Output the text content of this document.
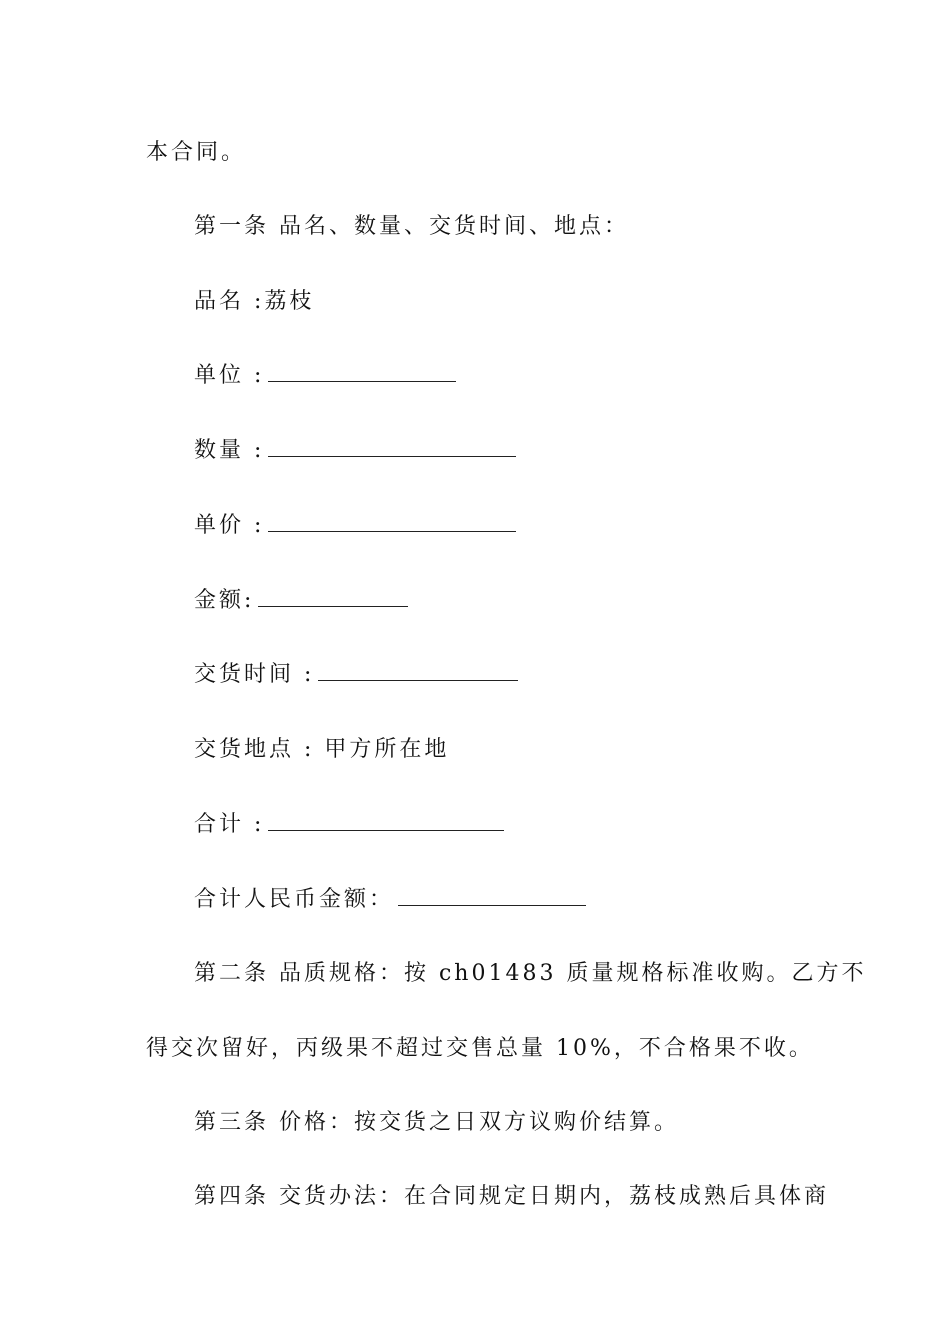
本合同。
第一条 品名、数量、交货时间、地点：
品名 :荔枝
单位 :
数量 :
单价 :
金额:
交货时间 :
交货地点 : 甲方所在地
合计 :
合计人民币金额：
第二条 品质规格：按 ch01483 质量规格标准收购。乙方不
得交次留好，丙级果不超过交售总量 10%，不合格果不收。
第三条 价格：按交货之日双方议购价结算。
第四条 交货办法：在合同规定日期内，荔枝成熟后具体商
